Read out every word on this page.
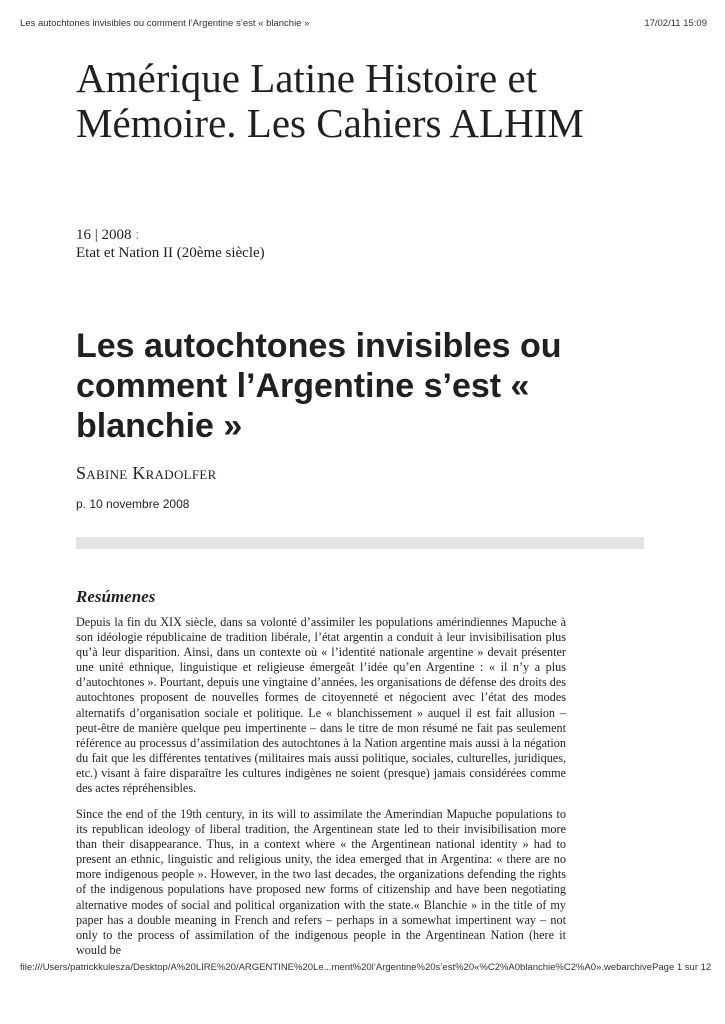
Les autochtones invisibles ou comment l’Argentine s’est « blanchie »	17/02/11 15:09
Amérique Latine Histoire et Mémoire. Les Cahiers ALHIM
16 | 2008 :
Etat et Nation II (20ème siècle)
Les autochtones invisibles ou comment l’Argentine s’est « blanchie »
Sabine Kradolfer
p. 10 novembre 2008
Resúmenes

Depuis la fin du XIX siècle, dans sa volonté d’assimiler les populations amérindiennes Mapuche à son idéologie républicaine de tradition libérale, l’état argentin a conduit à leur invisibilisation plus qu’à leur disparition. Ainsi, dans un contexte où « l’identité nationale argentine » devait présenter une unité ethnique, linguistique et religieuse émergeât l’idée qu’en Argentine : « il n’y a plus d’autochtones ». Pourtant, depuis une vingtaine d’années, les organisations de défense des droits des autochtones proposent de nouvelles formes de citoyenneté et négocient avec l’état des modes alternatifs d’organisation sociale et politique. Le « blanchissement » auquel il est fait allusion – peut-être de manière quelque peu impertinente – dans le titre de mon résumé ne fait pas seulement référence au processus d’assimilation des autochtones à la Nation argentine mais aussi à la négation du fait que les différentes tentatives (militaires mais aussi politique, sociales, culturelles, juridiques, etc.) visant à faire disparaître les cultures indigènes ne soient (presque) jamais considérées comme des actes répréhensibles.

Since the end of the 19th century, in its will to assimilate the Amerindian Mapuche populations to its republican ideology of liberal tradition, the Argentinean state led to their invisibilisation more than their disappearance. Thus, in a context where « the Argentinean national identity » had to present an ethnic, linguistic and religious unity, the idea emerged that in Argentina: « there are no more indigenous people ». However, in the two last decades, the organizations defending the rights of the indigenous populations have proposed new forms of citizenship and have been negotiating alternative modes of social and political organization with the state.« Blanchie » in the title of my paper has a double meaning in French and refers – perhaps in a somewhat impertinent way – not only to the process of assimilation of the indigenous people in the Argentinean Nation (here it would be

file:///Users/patrickkulesza/Desktop/A%20LIRE%20/ARGENTINE%20Le...ment%20l’Argentine%20s’est%20«%C2%A0blanchie%C2%A0».webarchive Page 1 sur 12
